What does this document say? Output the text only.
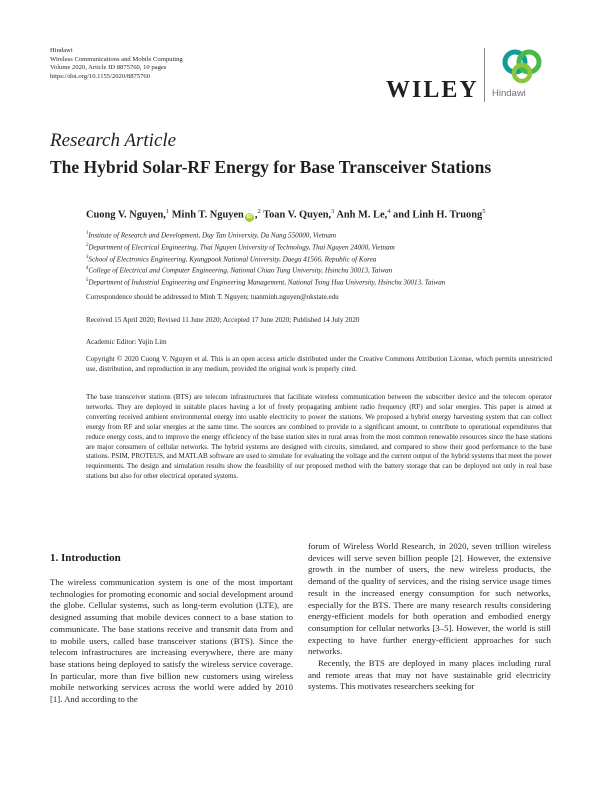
Hindawi
Wireless Communications and Mobile Computing
Volume 2020, Article ID 8875760, 10 pages
https://doi.org/10.1155/2020/8875760
WILEY Hindawi
Research Article
The Hybrid Solar-RF Energy for Base Transceiver Stations
Cuong V. Nguyen,$^1$ Minh T. Nguyen iD ,$^2$ Toan V. Quyen,$^3$ Anh M. Le,$^4$ and Linh H. Truong$^5$
$^1$Institute of Research and Development, Duy Tan University, Da Nang 550000, Vietnam
$^2$Department of Electrical Engineering, Thai Nguyen University of Technology, Thai Nguyen 24000, Vietnam
$^3$School of Electronics Engineering, Kyungpook National University, Daegu 41566, Republic of Korea
$^4$College of Electrical and Computer Engineering, National Chiao Tung University, Hsinchu 30013, Taiwan
$^5$Department of Industrial Engineering and Engineering Management, National Tsing Hua University, Hsinchu 30013, Taiwan
Correspondence should be addressed to Minh T. Nguyen; tuanminh.nguyen@okstate.edu
Received 15 April 2020; Revised 11 June 2020; Accepted 17 June 2020; Published 14 July 2020
Academic Editor: Yujin Lim
Copyright © 2020 Cuong V. Nguyen et al. This is an open access article distributed under the Creative Commons Attribution License, which permits unrestricted use, distribution, and reproduction in any medium, provided the original work is properly cited.
The base transceiver stations (BTS) are telecom infrastructures that facilitate wireless communication between the subscriber device and the telecom operator networks. They are deployed in suitable places having a lot of freely propagating ambient radio frequency (RF) and solar energies. This paper is aimed at converting received ambient environmental energy into usable electricity to power the stations. We proposed a hybrid energy harvesting system that can collect energy from RF and solar energies at the same time. The sources are combined to provide to a significant amount, to contribute to operational expenditures that reduce energy costs, and to improve the energy efficiency of the base station sites in rural areas from the most common renewable resources since the base stations are major consumers of cellular networks. The hybrid systems are designed with circuits, simulated, and compared to show their good performance to the base stations. PSIM, PROTEUS, and MATLAB software are used to simulate for evaluating the voltage and the current output of the hybrid systems that meet the power requirements. The design and simulation results show the feasibility of our proposed method with the battery storage that can be deployed not only in real base stations but also for other electrical operated systems.
1. Introduction

The wireless communication system is one of the most important technologies for promoting economic and social development around the globe. Cellular systems, such as long-term evolution (LTE), are designed assuming that mobile devices connect to a base station to communicate. The base stations receive and transmit data from and to mobile users, called base transceiver stations (BTS). Since the telecom infrastructures are increasing everywhere, there are many base stations being deployed to satisfy the wireless service coverage. In particular, more than five billion new customers using wireless mobile networking services across the world were added by 2010 [1]. And according to the

forum of Wireless World Research, in 2020, seven trillion wireless devices will serve seven billion people [2]. However, the extensive growth in the number of users, the new wireless products, the demand of the quality of services, and the rising service usage times result in the increased energy consumption for such networks, especially for the BTS. There are many research results considering energy-efficient models for both operation and embodied energy consumption for cellular networks [3–5]. However, the world is still expecting to have further energy-efficient approaches for such networks.

Recently, the BTS are deployed in many places including rural and remote areas that may not have sustainable grid electricity systems. This motivates researchers seeking for
